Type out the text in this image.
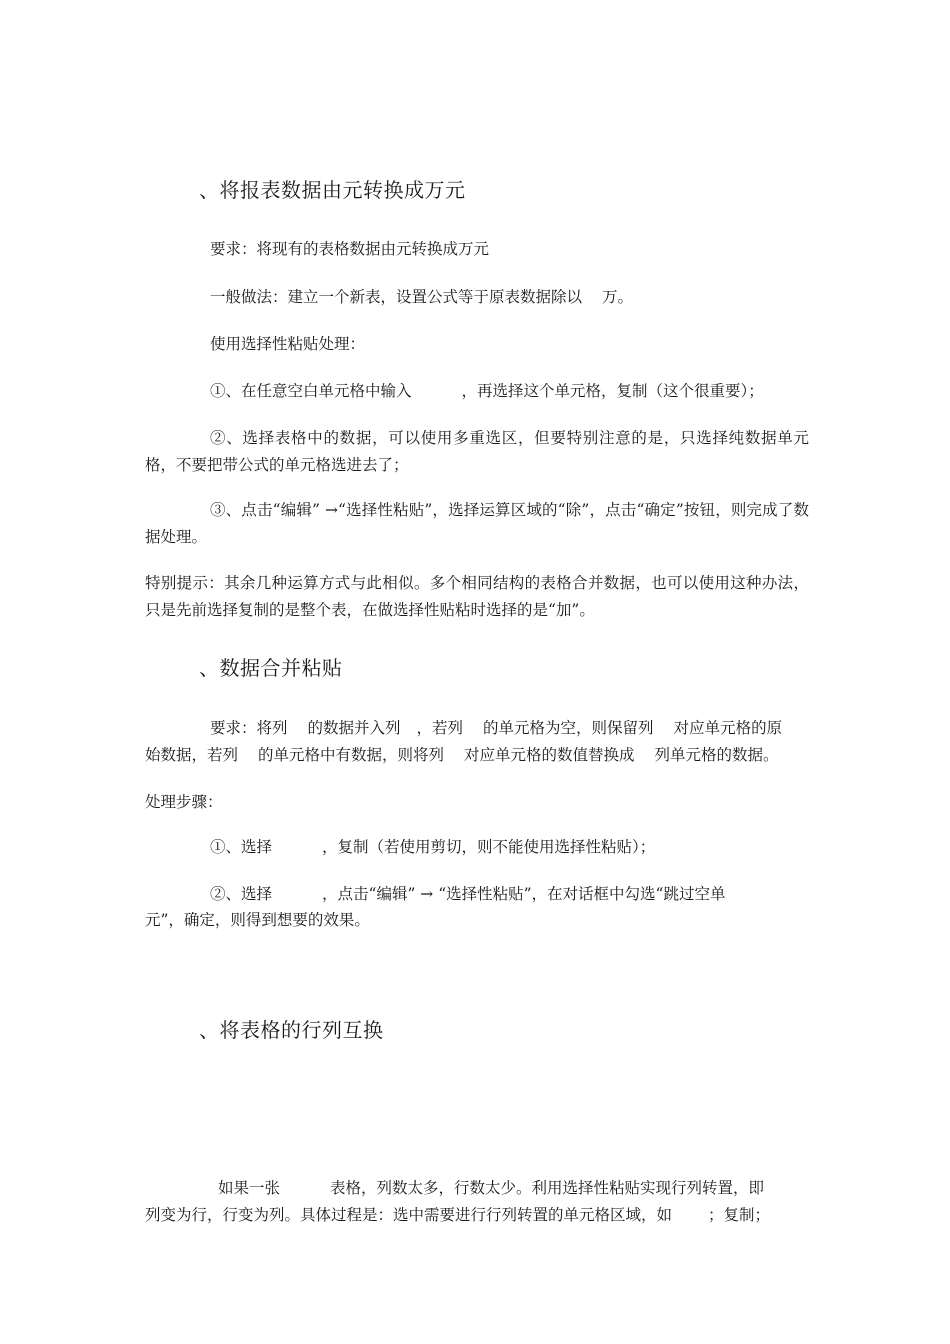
、将报表数据由元转换成万元
要求：将现有的表格数据由元转换成万元
一般做法：建立一个新表，设置公式等于原表数据除以 万。
使用选择性粘贴处理：
①、在任意空白单元格中输入	，再选择这个单元格，复制（这个很重要）；
②、选择表格中的数据，可以使用多重选区，但要特别注意的是，只选择纯数据单元格，不要把带公式的单元格选进去了；
③、点击“编辑” →“选择性粘贴”，选择运算区域的“除”，点击“确定”按钮，则完成了数据处理。
特别提示：其余几种运算方式与此相似。多个相同结构的表格合并数据，也可以使用这种办法，只是先前选择复制的是整个表，在做选择性贴粘时选择的是“加”。
、数据合并粘贴
要求：将列 的数据并入列 ，若列 的单元格为空，则保留列 对应单元格的原
始数据，若列 的单元格中有数据，则将列 对应单元格的数值替换成 列单元格的数据。
处理步骤：
①、选择	，复制（若使用剪切，则不能使用选择性粘贴）；
②、选择	，点击“编辑” → “选择性粘贴”，在对话框中勾选“跳过空单
元”，确定，则得到想要的效果。
、将表格的行列互换
如果一张	表格，列数太多，行数太少。利用选择性粘贴实现行列转置，即
列变为行，行变为列。具体过程是：选中需要进行行列转置的单元格区域，如 ；复制；
